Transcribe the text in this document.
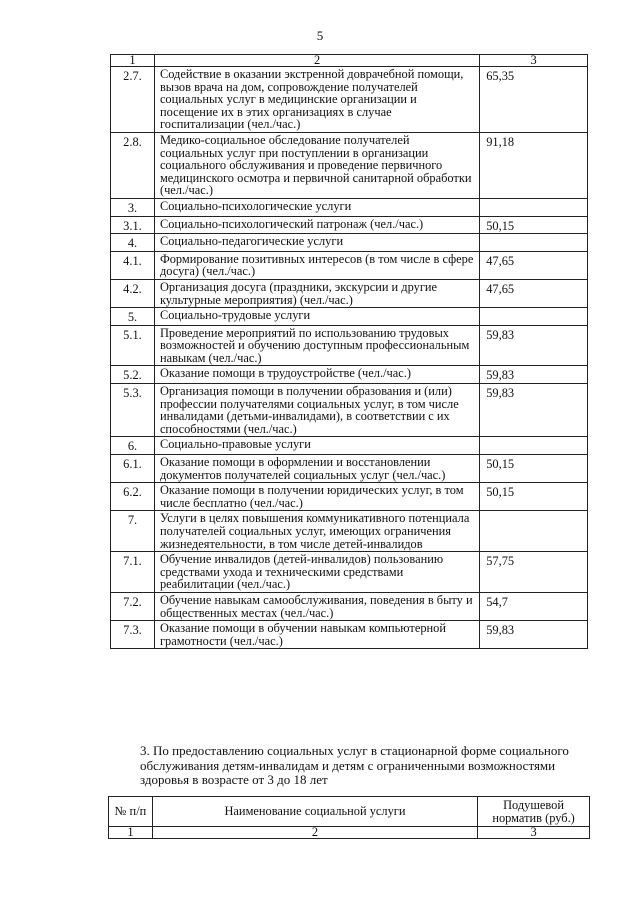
5
1	2	3
2.7.	Содействие в оказании экстренной доврачебной помощи, вызов врача на дом, сопровождение получателей социальных услуг в медицинские организации и посещение их в этих организациях в случае госпитализации (чел./час.)	65,35
2.8.	Медико-социальное обследование получателей социальных услуг при поступлении в организации социального обслуживания и проведение первичного медицинского осмотра и первичной санитарной обработки (чел./час.)	91,18
3.	Социально-психологические услуги	
3.1.	Социально-психологический патронаж (чел./час.)	50,15
4.	Социально-педагогические услуги	
4.1.	Формирование позитивных интересов (в том числе в сфере досуга) (чел./час.)	47,65
4.2.	Организация досуга (праздники, экскурсии и другие культурные мероприятия) (чел./час.)	47,65
5.	Социально-трудовые услуги	
5.1.	Проведение мероприятий по использованию трудовых возможностей и обучению доступным профессиональным навыкам (чел./час.)	59,83
5.2.	Оказание помощи в трудоустройстве (чел./час.)	59,83
5.3.	Организация помощи в получении образования и (или) профессии получателями социальных услуг, в том числе инвалидами (детьми-инвалидами), в соответствии с их способностями (чел./час.)	59,83
6.	Социально-правовые услуги	
6.1.	Оказание помощи в оформлении и восстановлении документов получателей социальных услуг (чел./час.)	50,15
6.2.	Оказание помощи в получении юридических услуг, в том числе бесплатно (чел./час.)	50,15
7.	Услуги в целях повышения коммуникативного потенциала получателей социальных услуг, имеющих ограничения жизнедеятельности, в том числе детей-инвалидов	
7.1.	Обучение инвалидов (детей-инвалидов) пользованию средствами ухода и техническими средствами реабилитации (чел./час.)	57,75
7.2.	Обучение навыкам самообслуживания, поведения в быту и общественных местах (чел./час.)	54,7
7.3.	Оказание помощи в обучении навыкам компьютерной грамотности (чел./час.)	59,83
3. По предоставлению социальных услуг в стационарной форме социального обслуживания детям-инвалидам и детям с ограниченными возможностями здоровья в возрасте от 3 до 18 лет
№ п/п	Наименование социальной услуги	Подушевой норматив (руб.)
1	2	3
